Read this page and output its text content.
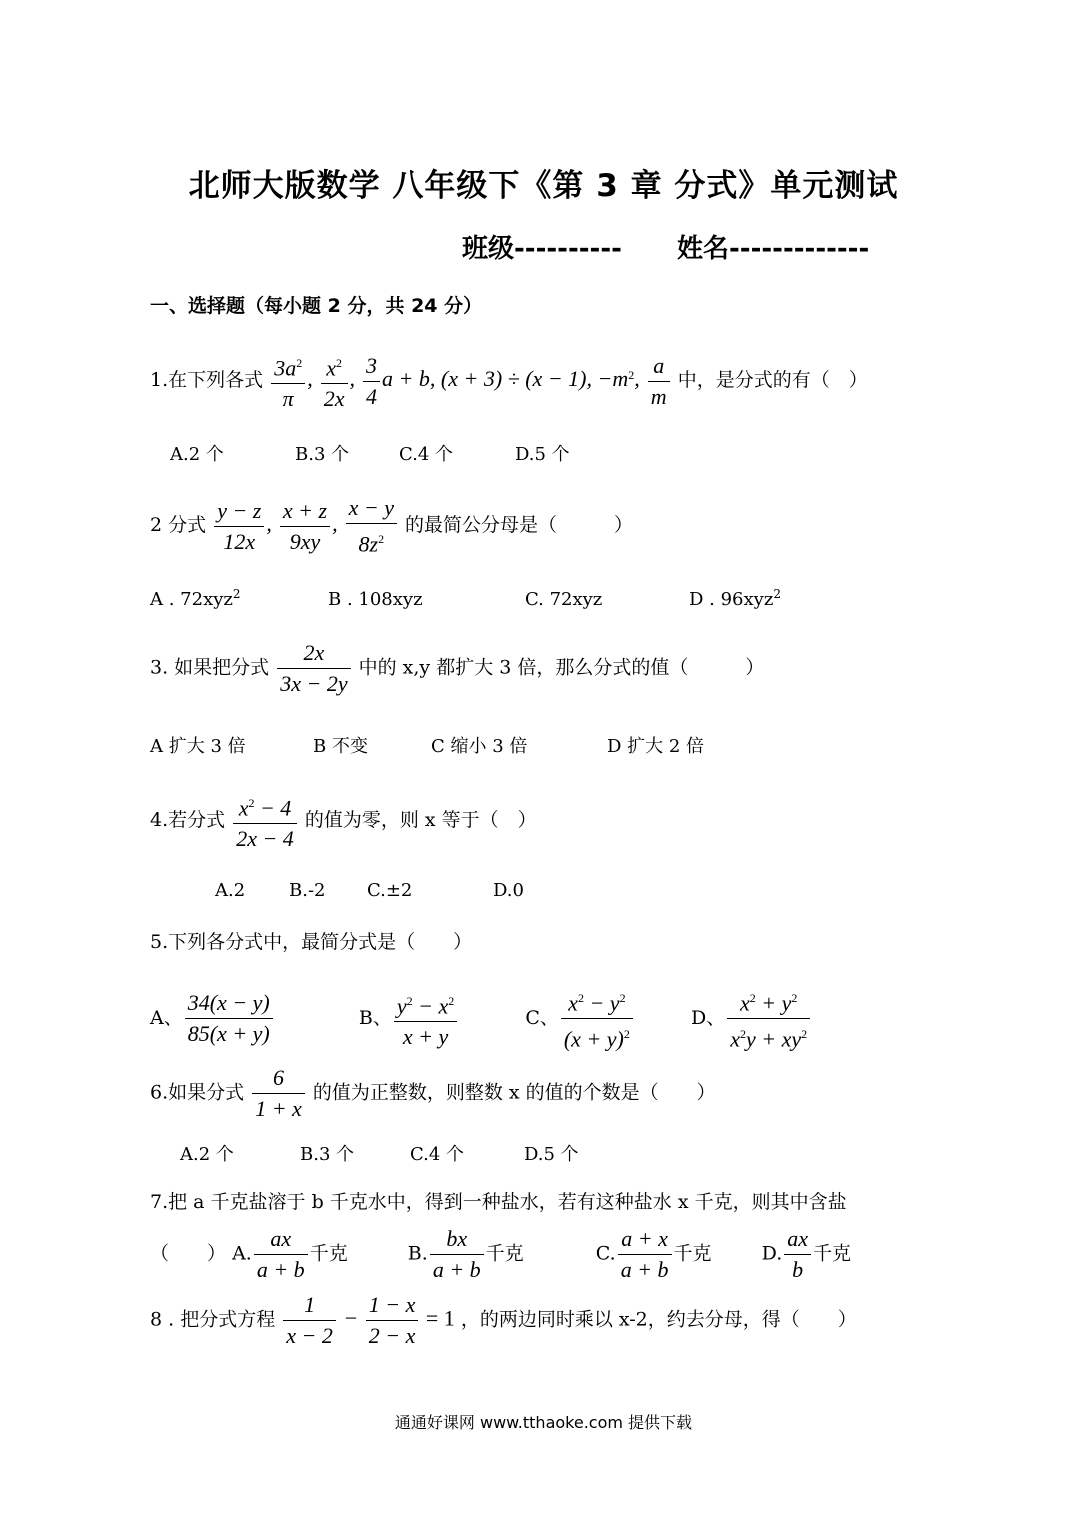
北师大版数学 八年级下《第 3 章 分式》单元测试
班级---------- 姓名-------------
一、选择题（每小题 2 分，共 24 分）
1.在下列各式 $\frac{3a^2}{\pi}$ , $\frac{x^2}{2x}$ , $\frac{3}{4}$ a + b, (x + 3) ÷ (x − 1), $-m^2$, $\frac{a}{m}$ 中，是分式的有（　）
A.2 个	B.3 个	C.4 个	D.5 个
2 分式 $\frac{y - z}{12x}$ , $\frac{x + z}{9xy}$ , $\frac{x - y}{8z^2}$ 的最简公分母是（　　　）
A . 72xyz2	B . 108xyz	C. 72xyz	D . 96xyz2
3. 如果把分式 $\frac{2x}{3x - 2y}$ 中的 x,y 都扩大 3 倍，那么分式的值（　　　）
A 扩大 3 倍	B 不变	C 缩小 3 倍	D 扩大 2 倍
4.若分式 $\frac{x^2 - 4}{2x - 4}$ 的值为零，则 x 等于（　）
A.2 B.-2 C.±2	D.0
5.下列各分式中，最简分式是（　　）
A、 $\frac{34(x - y)}{85(x + y)}$	B、 $\frac{y^2 - x^2}{x + y}$	C、 $\frac{x^2 - y^2}{(x + y)^2}$	D、 $\frac{x^2 + y^2}{x^2y + xy^2}$
6.如果分式 $\frac{6}{1 + x}$ 的值为正整数，则整数 x 的值的个数是（　　）
A.2 个	B.3 个	C.4 个	D.5 个
7.把 a 千克盐溶于 b 千克水中，得到一种盐水，若有这种盐水 x 千克，则其中含盐
（　　） A. $\frac{ax}{a + b}$ 千克	B. $\frac{bx}{a + b}$ 千克	C. $\frac{a + x}{a + b}$ 千克	D. $\frac{ax}{b}$ 千克
8 . 把分式方程 $\frac{1}{x - 2} - \frac{1 - x}{2 - x} = 1$ ，的两边同时乘以 x-2，约去分母，得（　　）
通通好课网 www.tthaoke.com 提供下载
